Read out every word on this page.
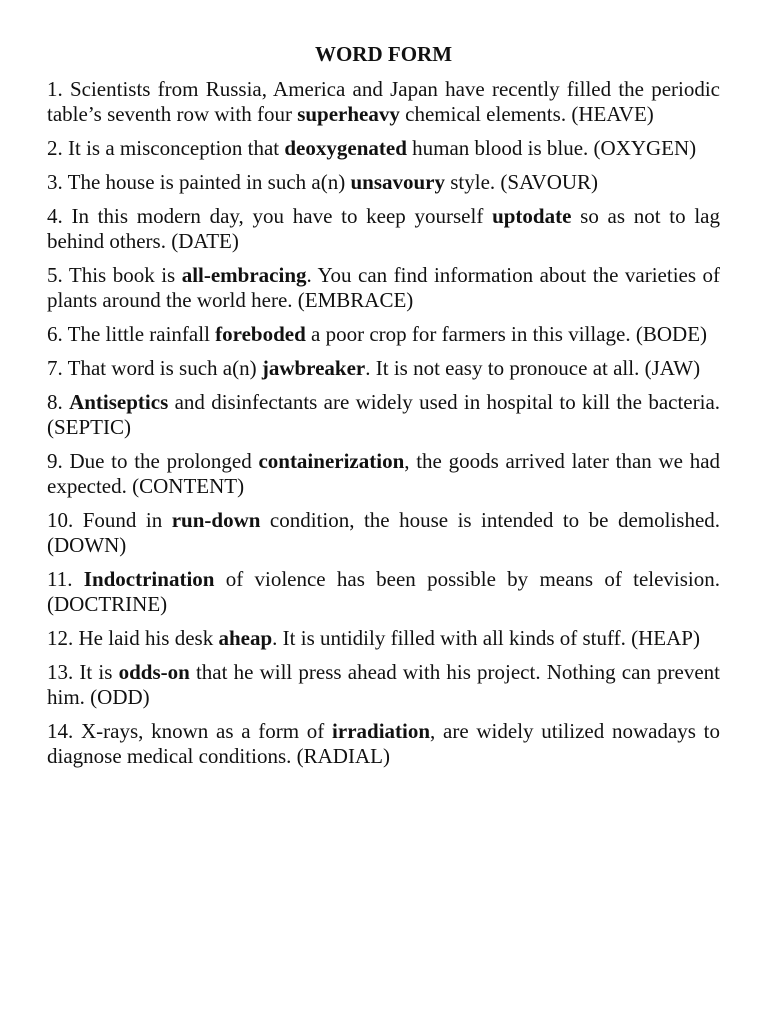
WORD FORM
1. Scientists from Russia, America and Japan have recently filled the periodic table’s seventh row with four superheavy chemical elements. (HEAVE)
2. It is a misconception that deoxygenated human blood is blue. (OXYGEN)
3. The house is painted in such a(n) unsavoury style. (SAVOUR)
4. In this modern day, you have to keep yourself uptodate so as not to lag behind others. (DATE)
5. This book is all-embracing. You can find information about the varieties of plants around the world here. (EMBRACE)
6. The little rainfall foreboded a poor crop for farmers in this village. (BODE)
7. That word is such a(n) jawbreaker. It is not easy to pronouce at all. (JAW)
8. Antiseptics and disinfectants are widely used in hospital to kill the bacteria. (SEPTIC)
9. Due to the prolonged containerization, the goods arrived later than we had expected. (CONTENT)
10. Found in run-down condition, the house is intended to be demolished. (DOWN)
11. Indoctrination of violence has been possible by means of television. (DOCTRINE)
12. He laid his desk aheap. It is untidily filled with all kinds of stuff. (HEAP)
13. It is odds-on that he will press ahead with his project. Nothing can prevent him. (ODD)
14. X-rays, known as a form of irradiation, are widely utilized nowadays to diagnose medical conditions. (RADIAL)
